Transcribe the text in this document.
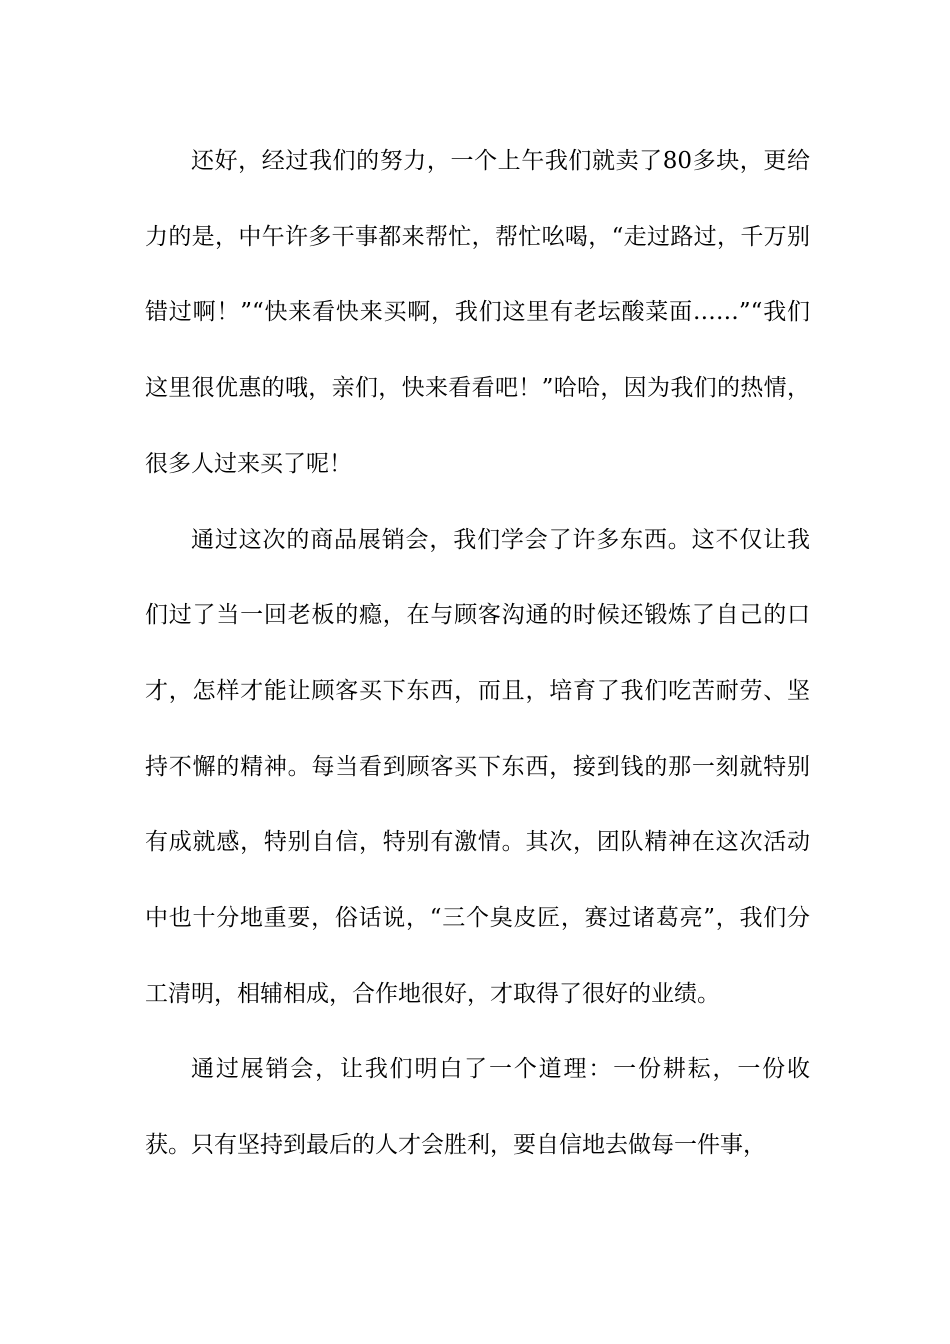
还好，经过我们的努力，一个上午我们就卖了80多块，更给力的是，中午许多干事都来帮忙，帮忙吆喝，“走过路过，千万别错过啊！”“快来看快来买啊，我们这里有老坛酸菜面……”“我们这里很优惠的哦，亲们，快来看看吧！”哈哈，因为我们的热情，很多人过来买了呢！

通过这次的商品展销会，我们学会了许多东西。这不仅让我们过了当一回老板的瘾，在与顾客沟通的时候还锻炼了自己的口才，怎样才能让顾客买下东西，而且，培育了我们吃苦耐劳、坚持不懈的精神。每当看到顾客买下东西，接到钱的那一刻就特别有成就感，特别自信，特别有激情。其次，团队精神在这次活动中也十分地重要，俗话说，“三个臭皮匠，赛过诸葛亮”，我们分工清明，相辅相成，合作地很好，才取得了很好的业绩。

通过展销会，让我们明白了一个道理：一份耕耘，一份收获。只有坚持到最后的人才会胜利，要自信地去做每一件事，
